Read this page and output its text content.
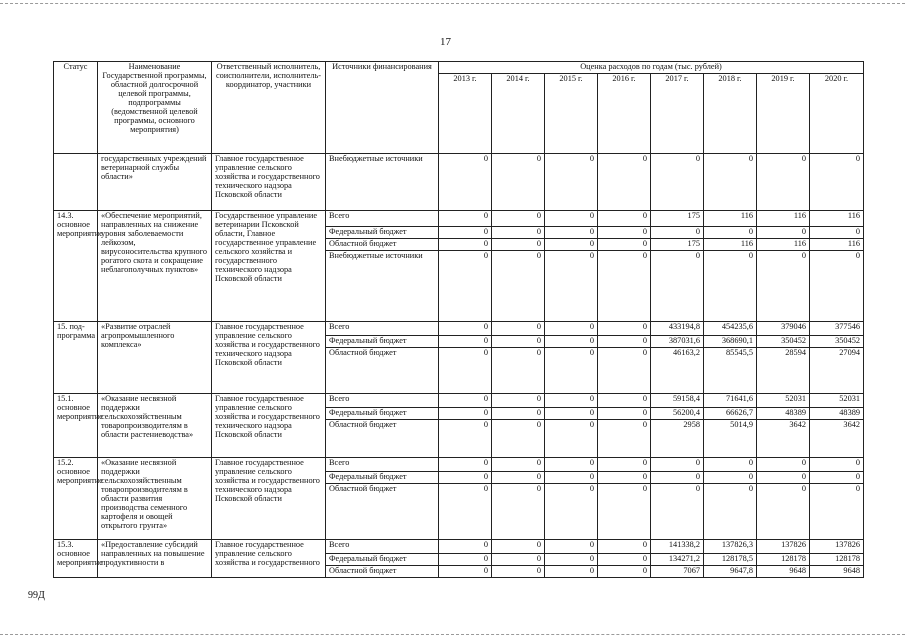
17
Статус	Наименование Государственной программы, областной долгосрочной целевой программы, подпрограммы (ведомственной целевой программы, основного мероприятия)	Ответственный исполнитель, соисполнители, исполнитель-координатор, участники	Источники финансирования	Оценка расходов по годам (тыс. рублей)							
				2013 г.	2014 г.	2015 г.	2016 г.	2017 г.	2018 г.	2019 г.	2020 г.
	государственных учреждений ветеринарной службы области»	Главное государственное управление сельского хозяйства и государственного технического надзора Псковской области	Внебюджетные источники	0	0	0	0	0	0	0	0
14.3. основное мероприятие	«Обеспечение мероприятий, направленных на снижение уровня заболеваемости лейкозом, вирусоносительства крупного рогатого скота и сокращение неблагополучных пунктов»	Государственное управление ветеринарии Псковской области, Главное государственное управление сельского хозяйства и государственного технического надзора Псковской области	Всего	0	0	0	0	175	116	116	116
			Федеральный бюджет	0	0	0	0	0	0	0	0
			Областной бюджет	0	0	0	0	175	116	116	116
			Внебюджетные источники	0	0	0	0	0	0	0	0
15. под-программа	«Развитие отраслей агропромышленного комплекса»	Главное государственное управление сельского хозяйства и государственного технического надзора Псковской области	Всего	0	0	0	0	433194,8	454235,6	379046	377546
			Федеральный бюджет	0	0	0	0	387031,6	368690,1	350452	350452
			Областной бюджет	0	0	0	0	46163,2	85545,5	28594	27094
15.1. основное мероприятие	«Оказание несвязной поддержки сельскохозяйственным товаропроизводителям в области растениеводства»	Главное государственное управление сельского хозяйства и государственного технического надзора Псковской области	Всего	0	0	0	0	59158,4	71641,6	52031	52031
			Федеральный бюджет	0	0	0	0	56200,4	66626,7	48389	48389
			Областной бюджет	0	0	0	0	2958	5014,9	3642	3642
15.2. основное мероприятие	«Оказание несвязной поддержки сельскохозяйственным товаропроизводителям в области развития производства семенного картофеля и овощей открытого грунта»	Главное государственное управление сельского хозяйства и государственного технического надзора Псковской области	Всего	0	0	0	0	0	0	0	0
			Федеральный бюджет	0	0	0	0	0	0	0	0
			Областной бюджет	0	0	0	0	0	0	0	0
15.3. основное мероприятие	«Предоставление субсидий направленных на повышение продуктивности в	Главное государственное управление сельского хозяйства и государственного	Всего	0	0	0	0	141338,2	137826,3	137826	137826
			Федеральный бюджет	0	0	0	0	134271,2	128178,5	128178	128178
			Областной бюджет	0	0	0	0	7067	9647,8	9648	9648
99Д
